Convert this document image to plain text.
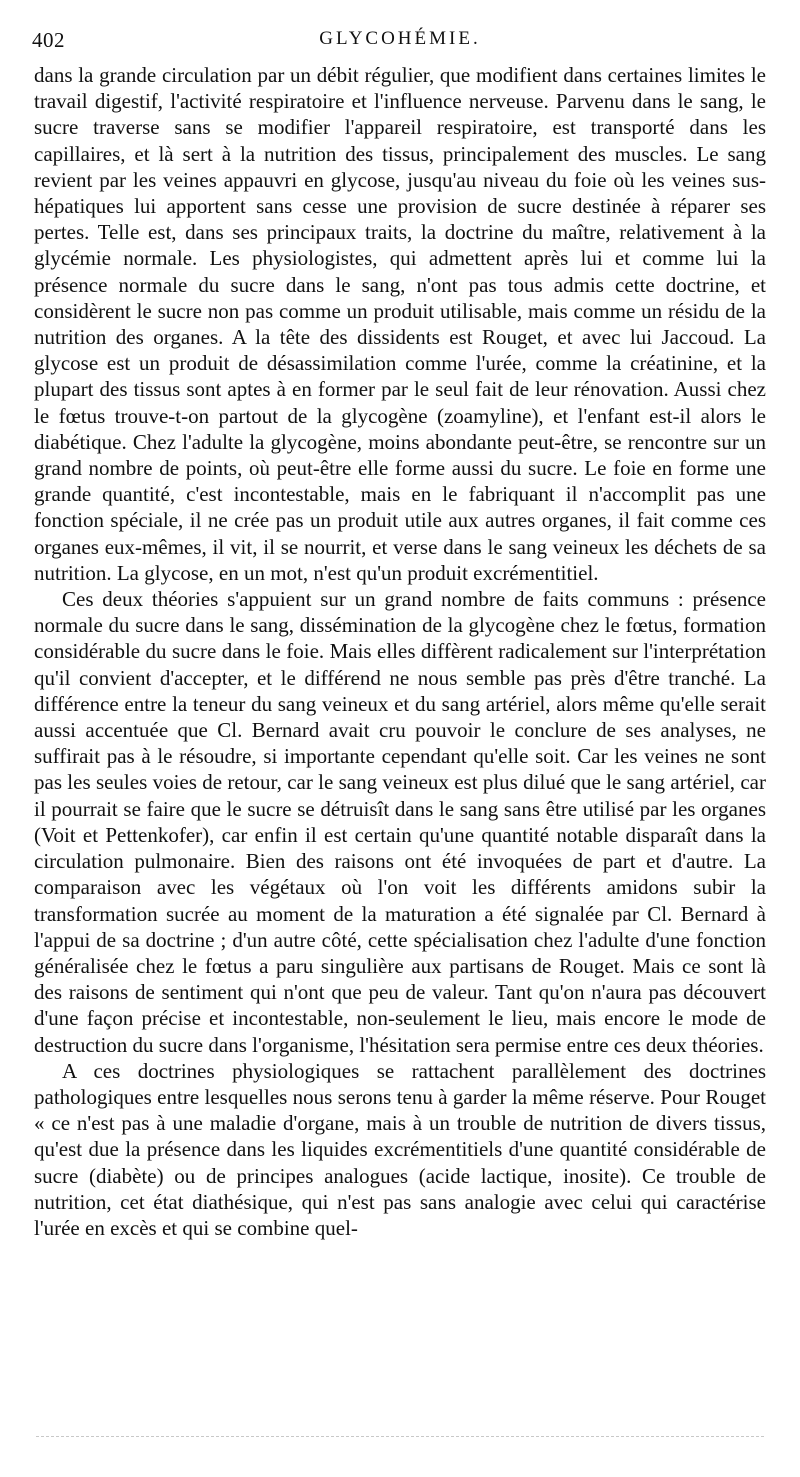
402	GLYCOHÉMIE.

dans la grande circulation par un débit régulier, que modifient dans certaines limites le travail digestif, l'activité respiratoire et l'influence nerveuse. Parvenu dans le sang, le sucre traverse sans se modifier l'appareil respiratoire, est transporté dans les capillaires, et là sert à la nutrition des tissus, principalement des muscles. Le sang revient par les veines appauvri en glycose, jusqu'au niveau du foie où les veines sus-hépatiques lui apportent sans cesse une provision de sucre destinée à réparer ses pertes. Telle est, dans ses principaux traits, la doctrine du maître, relativement à la glycémie normale. Les physiologistes, qui admettent après lui et comme lui la présence normale du sucre dans le sang, n'ont pas tous admis cette doctrine, et considèrent le sucre non pas comme un produit utilisable, mais comme un résidu de la nutrition des organes. A la tête des dissidents est Rouget, et avec lui Jaccoud. La glycose est un produit de désassimilation comme l'urée, comme la créatinine, et la plupart des tissus sont aptes à en former par le seul fait de leur rénovation. Aussi chez le fœtus trouve-t-on partout de la glycogène (zoamyline), et l'enfant est-il alors le diabétique. Chez l'adulte la glycogène, moins abondante peut-être, se rencontre sur un grand nombre de points, où peut-être elle forme aussi du sucre. Le foie en forme une grande quantité, c'est incontestable, mais en le fabriquant il n'accomplit pas une fonction spéciale, il ne crée pas un produit utile aux autres organes, il fait comme ces organes eux-mêmes, il vit, il se nourrit, et verse dans le sang veineux les déchets de sa nutrition. La glycose, en un mot, n'est qu'un produit excrémentitiel.

Ces deux théories s'appuient sur un grand nombre de faits communs : présence normale du sucre dans le sang, dissémination de la glycogène chez le fœtus, formation considérable du sucre dans le foie. Mais elles diffèrent radicalement sur l'interprétation qu'il convient d'accepter, et le différend ne nous semble pas près d'être tranché. La différence entre la teneur du sang veineux et du sang artériel, alors même qu'elle serait aussi accentuée que Cl. Bernard avait cru pouvoir le conclure de ses analyses, ne suffirait pas à le résoudre, si importante cependant qu'elle soit. Car les veines ne sont pas les seules voies de retour, car le sang veineux est plus dilué que le sang artériel, car il pourrait se faire que le sucre se détruisît dans le sang sans être utilisé par les organes (Voit et Pettenkofer), car enfin il est certain qu'une quantité notable disparaît dans la circulation pulmonaire. Bien des raisons ont été invoquées de part et d'autre. La comparaison avec les végétaux où l'on voit les différents amidons subir la transformation sucrée au moment de la maturation a été signalée par Cl. Bernard à l'appui de sa doctrine ; d'un autre côté, cette spécialisation chez l'adulte d'une fonction généralisée chez le fœtus a paru singulière aux partisans de Rouget. Mais ce sont là des raisons de sentiment qui n'ont que peu de valeur. Tant qu'on n'aura pas découvert d'une façon précise et incontestable, non-seulement le lieu, mais encore le mode de destruction du sucre dans l'organisme, l'hésitation sera permise entre ces deux théories.

A ces doctrines physiologiques se rattachent parallèlement des doctrines pathologiques entre lesquelles nous serons tenu à garder la même réserve. Pour Rouget « ce n'est pas à une maladie d'organe, mais à un trouble de nutrition de divers tissus, qu'est due la présence dans les liquides excrémentitiels d'une quantité considérable de sucre (diabète) ou de principes analogues (acide lactique, inosite). Ce trouble de nutrition, cet état diathésique, qui n'est pas sans analogie avec celui qui caractérise l'urée en excès et qui se combine quel-
